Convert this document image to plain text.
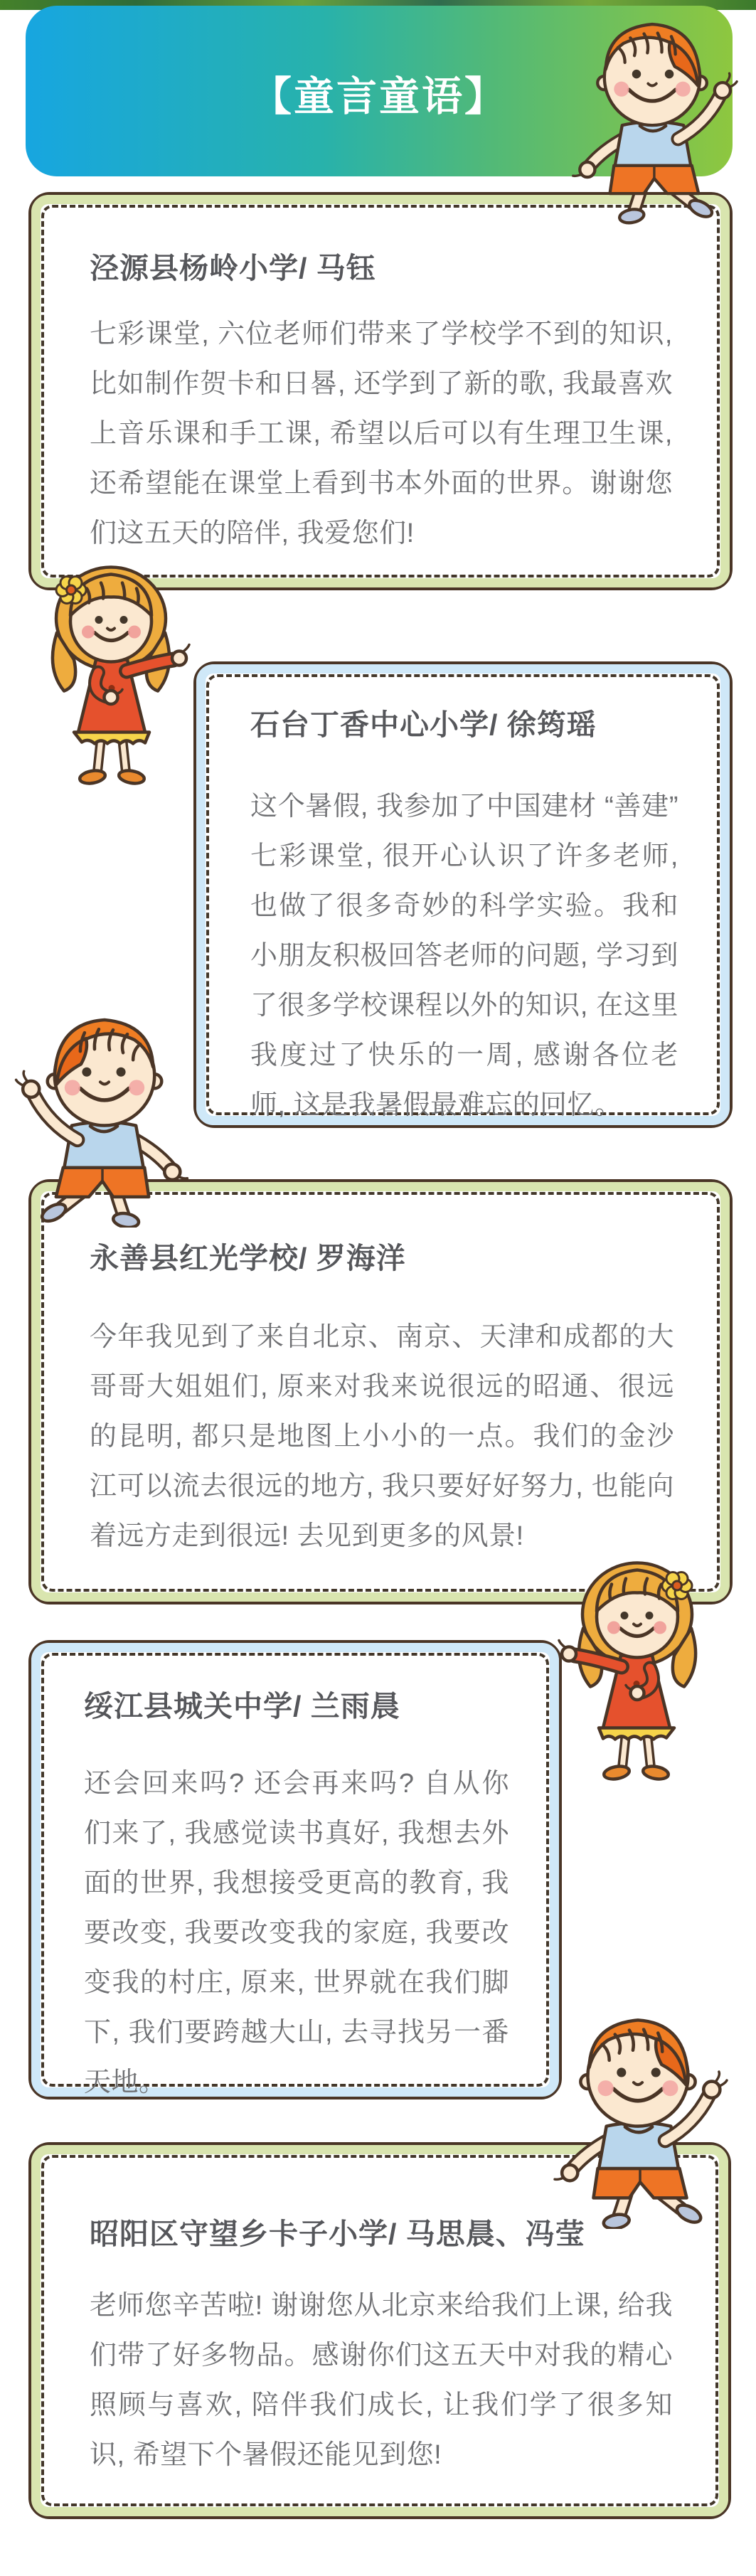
【童言童语】
泾源县杨岭小学/ 马钰

七彩课堂, 六位老师们带来了学校学不到的知识, 比如制作贺卡和日晷, 还学到了新的歌, 我最喜欢上音乐课和手工课, 希望以后可以有生理卫生课, 还希望能在课堂上看到书本外面的世界。谢谢您们这五天的陪伴, 我爱您们!

石台丁香中心小学/ 徐筠瑶

这个暑假, 我参加了中国建材 “善建” 七彩课堂, 很开心认识了许多老师, 也做了很多奇妙的科学实验。我和小朋友积极回答老师的问题, 学习到了很多学校课程以外的知识, 在这里我度过了快乐的一周, 感谢各位老师, 这是我暑假最难忘的回忆。

永善县红光学校/ 罗海洋

今年我见到了来自北京、南京、天津和成都的大哥哥大姐姐们, 原来对我来说很远的昭通、很远的昆明, 都只是地图上小小的一点。我们的金沙江可以流去很远的地方, 我只要好好努力, 也能向着远方走到很远! 去见到更多的风景!

绥江县城关中学/ 兰雨晨

还会回来吗? 还会再来吗? 自从你们来了, 我感觉读书真好, 我想去外面的世界, 我想接受更高的教育, 我要改变, 我要改变我的家庭, 我要改变我的村庄, 原来, 世界就在我们脚下, 我们要跨越大山, 去寻找另一番天地。

昭阳区守望乡卡子小学/ 马思晨、冯莹

老师您辛苦啦! 谢谢您从北京来给我们上课, 给我们带了好多物品。感谢你们这五天中对我的精心照顾与喜欢, 陪伴我们成长, 让我们学了很多知识, 希望下个暑假还能见到您!
